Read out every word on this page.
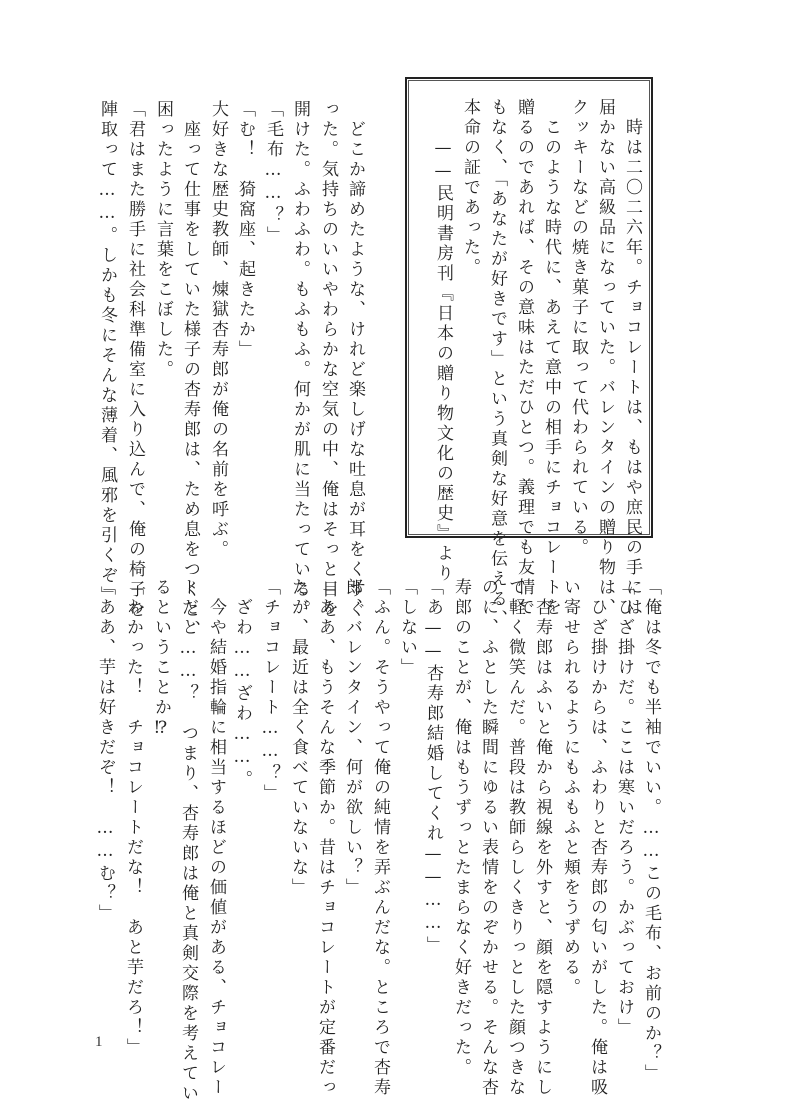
　時は二〇二六年。チョコレートは、もはや庶民の手には
届かない高級品になっていた。バレンタインの贈り物は、
クッキーなどの焼き菓子に取って代わられている。
　このような時代に、あえて意中の相手にチョコレートを
贈るのであれば、その意味はただひとつ。義理でも友情で
もなく、「あなたが好きです」という真剣な好意を伝える、
本命の証であった。
　　——民明書房刊『日本の贈り物文化の歴史』より
　どこか諦めたような、けれど楽しげな吐息が耳をくすぐ
った。気持ちのいいやわらかな空気の中、俺はそっと目を
開けた。ふわふわ。もふもふ。何かが肌に当たっている。
「毛布……？」
「む！　猗窩座、起きたか」
大好きな歴史教師、煉獄杏寿郎が俺の名前を呼ぶ。
　座って仕事をしていた様子の杏寿郎は、ため息をつくと、
困ったように言葉をこぼした。
「君はまた勝手に社会科準備室に入り込んで、俺の椅子を
陣取って……。しかも冬にそんな薄着、風邪を引くぞ」
「俺は冬でも半袖でいい。……この毛布、お前のか？」
「ひざ掛けだ。ここは寒いだろう。かぶっておけ」
　ひざ掛けからは、ふわりと杏寿郎の匂いがした。俺は吸
い寄せられるようにもふもふと頬をうずめる。
　杏寿郎はふいと俺から視線を外すと、顔を隠すようにし
て軽く微笑んだ。普段は教師らしくきりっとした顔つきな
のに、ふとした瞬間にゆるい表情をのぞかせる。そんな杏
寿郎のことが、俺はもうずっとたまらなく好きだった。
「あ——杏寿郎結婚してくれ——……」
「しない」
「ふん。そうやって俺の純情を弄ぶんだな。ところで杏寿
郎、バレンタイン、何が欲しい？」
「ああ、もうそんな季節か。昔はチョコレートが定番だっ
たが、最近は全く食べていないな」
「チョコレート……？」
　ざわ……ざわ……。
　今や結婚指輪に相当するほどの価値がある、チョコレー
トだと……？　つまり、杏寿郎は俺と真剣交際を考えてい
るということか⁉
「わかった！　チョコレートだな！　あと芋だろ！」
「ああ、芋は好きだぞ！　……む？」
1
